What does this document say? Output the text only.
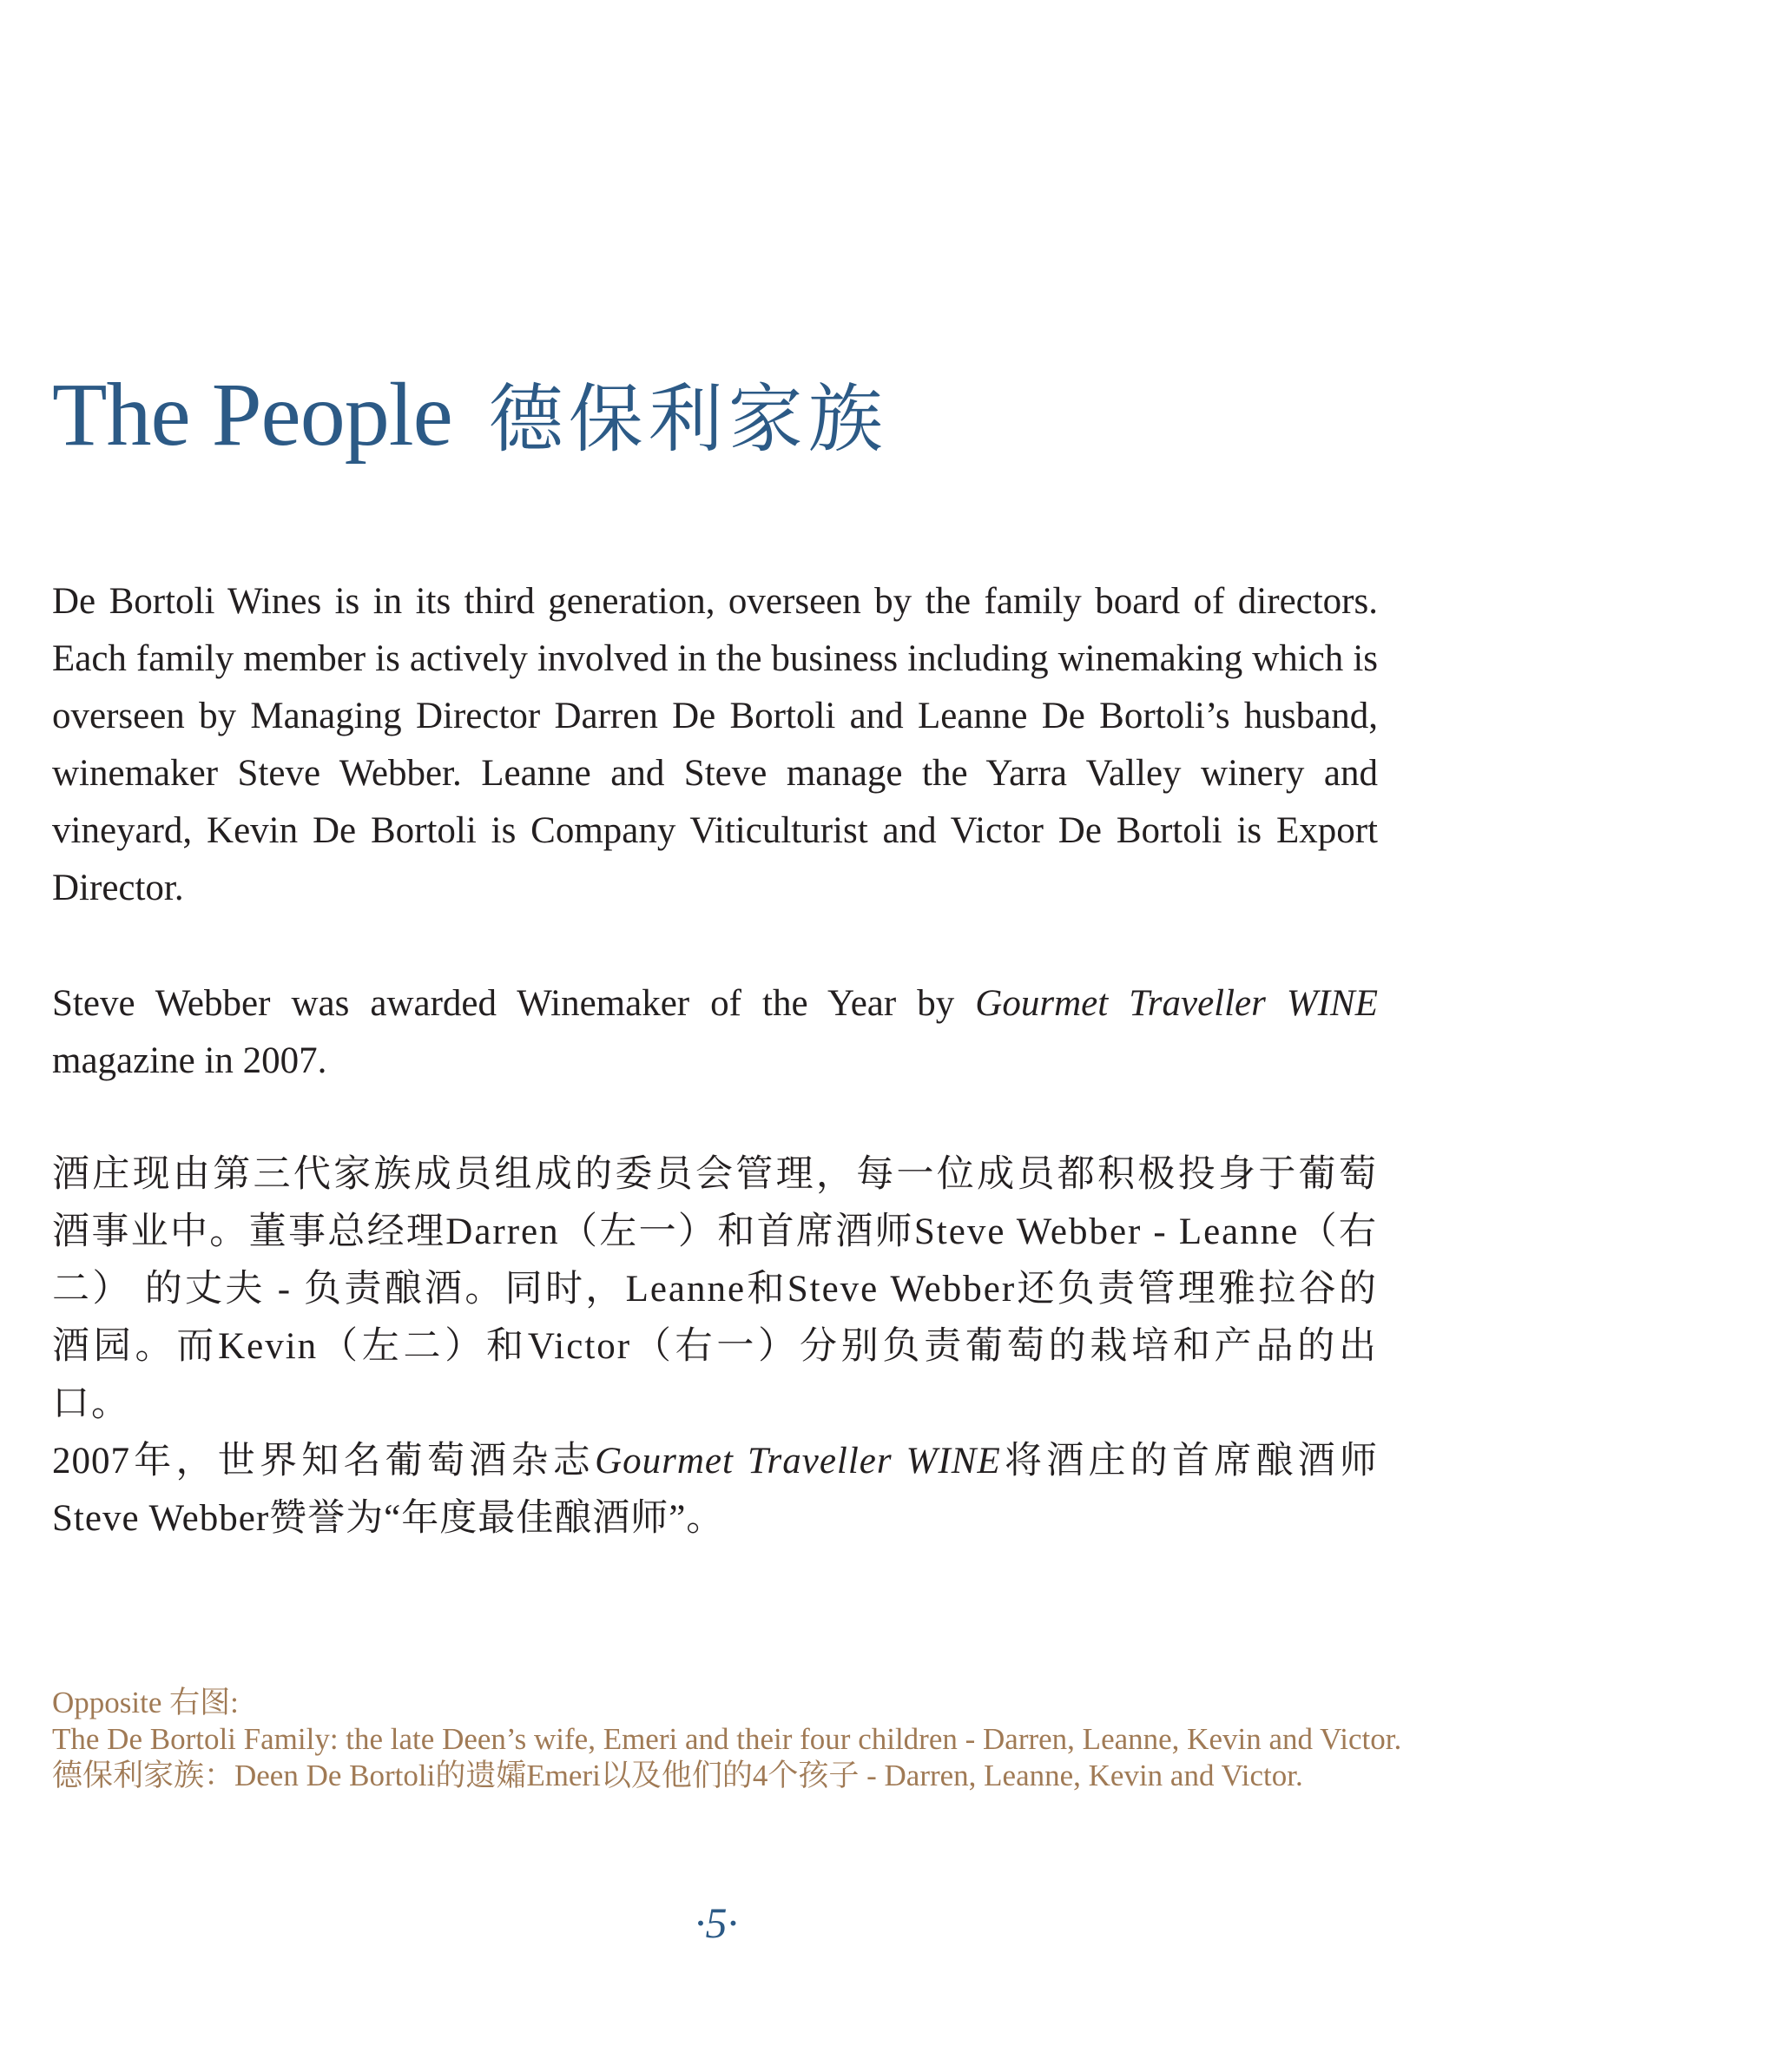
The People 德保利家族

De Bortoli Wines is in its third generation, overseen by the family board of directors. Each family member is actively involved in the business including winemaking which is overseen by Managing Director Darren De Bortoli and Leanne De Bortoli’s husband, winemaker Steve Webber. Leanne and Steve manage the Yarra Valley winery and vineyard, Kevin De Bortoli is Company Viticulturist and Victor De Bortoli is Export Director.

Steve Webber was awarded Winemaker of the Year by Gourmet Traveller WINE magazine in 2007.

酒庄现由第三代家族成员组成的委员会管理，每一位成员都积极投身于葡萄酒事业中。董事总经理Darren（左一）和首席酒师Steve Webber - Leanne（右二） 的丈夫 - 负责酿酒。同时，Leanne和Steve Webber还负责管理雅拉谷的酒园。而Kevin（左二）和Victor（右一）分别负责葡萄的栽培和产品的出口。

2007年，世界知名葡萄酒杂志Gourmet Traveller WINE将酒庄的首席酿酒师Steve Webber赞誉为“年度最佳酿酒师”。

Opposite 右图:
The De Bortoli Family: the late Deen’s wife, Emeri and their four children - Darren, Leanne, Kevin and Victor.
德保利家族：Deen De Bortoli的遗孀Emeri以及他们的4个孩子 - Darren, Leanne, Kevin and Victor.
·5·
